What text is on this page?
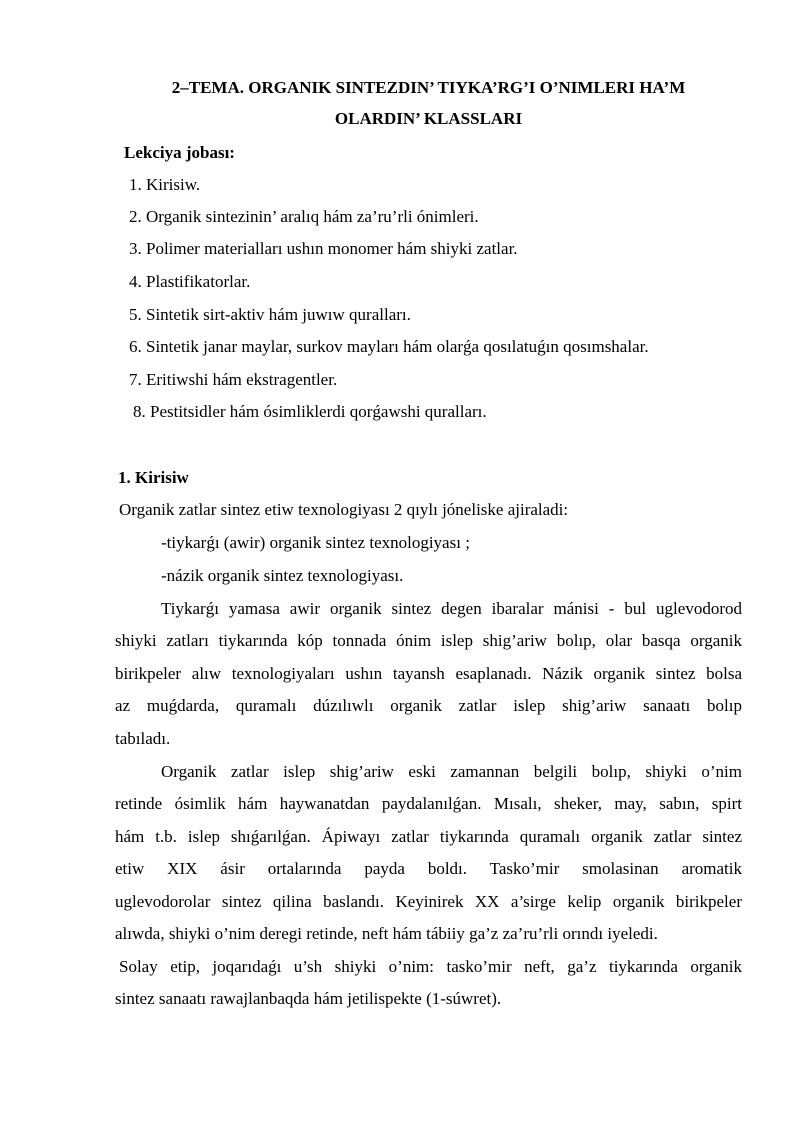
2–TEMA. ORGANIK SINTEZDIN’ TIYKA’RG’I O’NIMLERI HA’M
OLARDIN’ KLASSLARI
Lekciya jobası:
1. Kirisiw.
2. Organik sintezinin’ aralıq hám za’ru’rli ónimleri.
3. Polimer materialları ushın monomer hám shiyki zatlar.
4. Plastifikatorlar.
5. Sintetik sirt-aktiv hám juwıw quralları.
6. Sintetik janar maylar, surkov mayları hám olarǵa qosılatuǵın qosımshalar.
7. Eritiwshi hám ekstragentler.
8. Pestitsidler hám ósimliklerdi qorǵawshi quralları.
1. Kirisiw
Organik zatlar sintez etiw texnologiyası 2 qıylı jóneliske ajiraladi:
-tiykarǵı (awir) organik sintez texnologiyası ;
-názik organik sintez texnologiyası.
Tiykarǵı yamasa awir organik sintez degen ibaralar mánisi - bul uglevodorod
shiyki zatları tiykarında kóp tonnada ónim islep shig’ariw bolıp, olar basqa organik
birikpeler alıw texnologiyaları ushın tayansh esaplanadı. Názik organik sintez bolsa
az muǵdarda, quramalı dúzılıwlı organik zatlar islep shig’ariw sanaatı bolıp
tabıladı.
Organik zatlar islep shig’ariw eski zamannan belgili bolıp, shiyki o’nim
retinde ósimlik hám haywanatdan paydalanılǵan. Mısalı, sheker, may, sabın, spirt
hám t.b. islep shıǵarılǵan. Ápiwayı zatlar tiykarında quramalı organik zatlar sintez
etiw XIX ásir ortalarında payda boldı. Tasko’mir smolasinan aromatik
uglevodorolar sintez qilina baslandı. Keyinirek XX a’sirge kelip organik birikpeler
alıwda, shiyki o’nim deregi retinde, neft hám tábiiy ga’z za’ru’rli orındı iyeledi.
Solay etip, joqarıdaǵı u’sh shiyki o’nim: tasko’mir neft, ga’z tiykarında organik
sintez sanaatı rawajlanbaqda hám jetilispekte (1-súwret).
